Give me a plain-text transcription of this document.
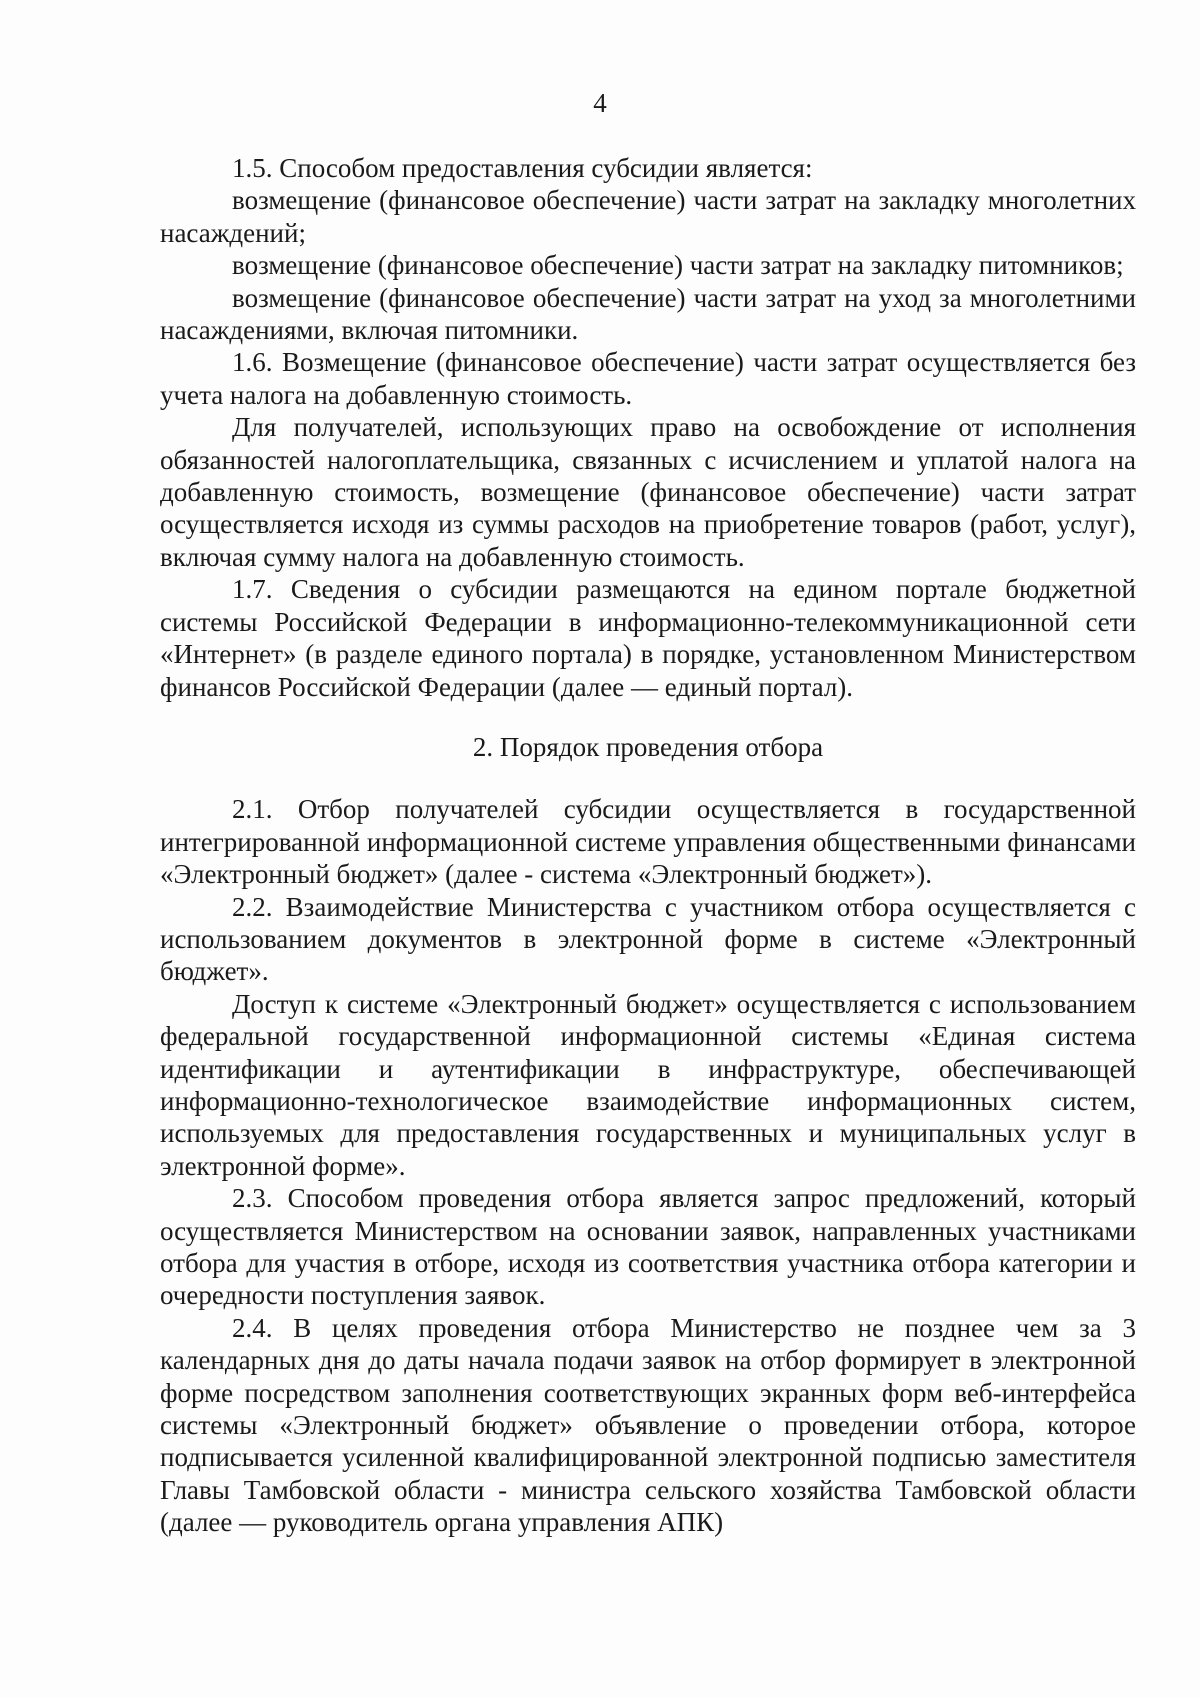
4

1.5. Способом предоставления субсидии является:

возмещение (финансовое обеспечение) части затрат на закладку многолетних насаждений;

возмещение (финансовое обеспечение) части затрат на закладку питомников;

возмещение (финансовое обеспечение) части затрат на уход за многолетними насаждениями, включая питомники.

1.6. Возмещение (финансовое обеспечение) части затрат осуществляется без учета налога на добавленную стоимость.

Для получателей, использующих право на освобождение от исполнения обязанностей налогоплательщика, связанных с исчислением и уплатой налога на добавленную стоимость, возмещение (финансовое обеспечение) части затрат осуществляется исходя из суммы расходов на приобретение товаров (работ, услуг), включая сумму налога на добавленную стоимость.

1.7. Сведения о субсидии размещаются на едином портале бюджетной системы Российской Федерации в информационно-телекоммуникационной сети «Интернет» (в разделе единого портала) в порядке, установленном Министерством финансов Российской Федерации (далее — единый портал).

2. Порядок проведения отбора

2.1. Отбор получателей субсидии осуществляется в государственной интегрированной информационной системе управления общественными финансами «Электронный бюджет» (далее - система «Электронный бюджет»).

2.2. Взаимодействие Министерства с участником отбора осуществляется с использованием документов в электронной форме в системе «Электронный бюджет».

Доступ к системе «Электронный бюджет» осуществляется с использованием федеральной государственной информационной системы «Единая система идентификации и аутентификации в инфраструктуре, обеспечивающей информационно-технологическое взаимодействие информационных систем, используемых для предоставления государственных и муниципальных услуг в электронной форме».

2.3. Способом проведения отбора является запрос предложений, который осуществляется Министерством на основании заявок, направленных участниками отбора для участия в отборе, исходя из соответствия участника отбора категории и очередности поступления заявок.

2.4. В целях проведения отбора Министерство не позднее чем за 3 календарных дня до даты начала подачи заявок на отбор формирует в электронной форме посредством заполнения соответствующих экранных форм веб-интерфейса системы «Электронный бюджет» объявление о проведении отбора, которое подписывается усиленной квалифицированной электронной подписью заместителя Главы Тамбовской области - министра сельского хозяйства Тамбовской области (далее — руководитель органа управления АПК)
